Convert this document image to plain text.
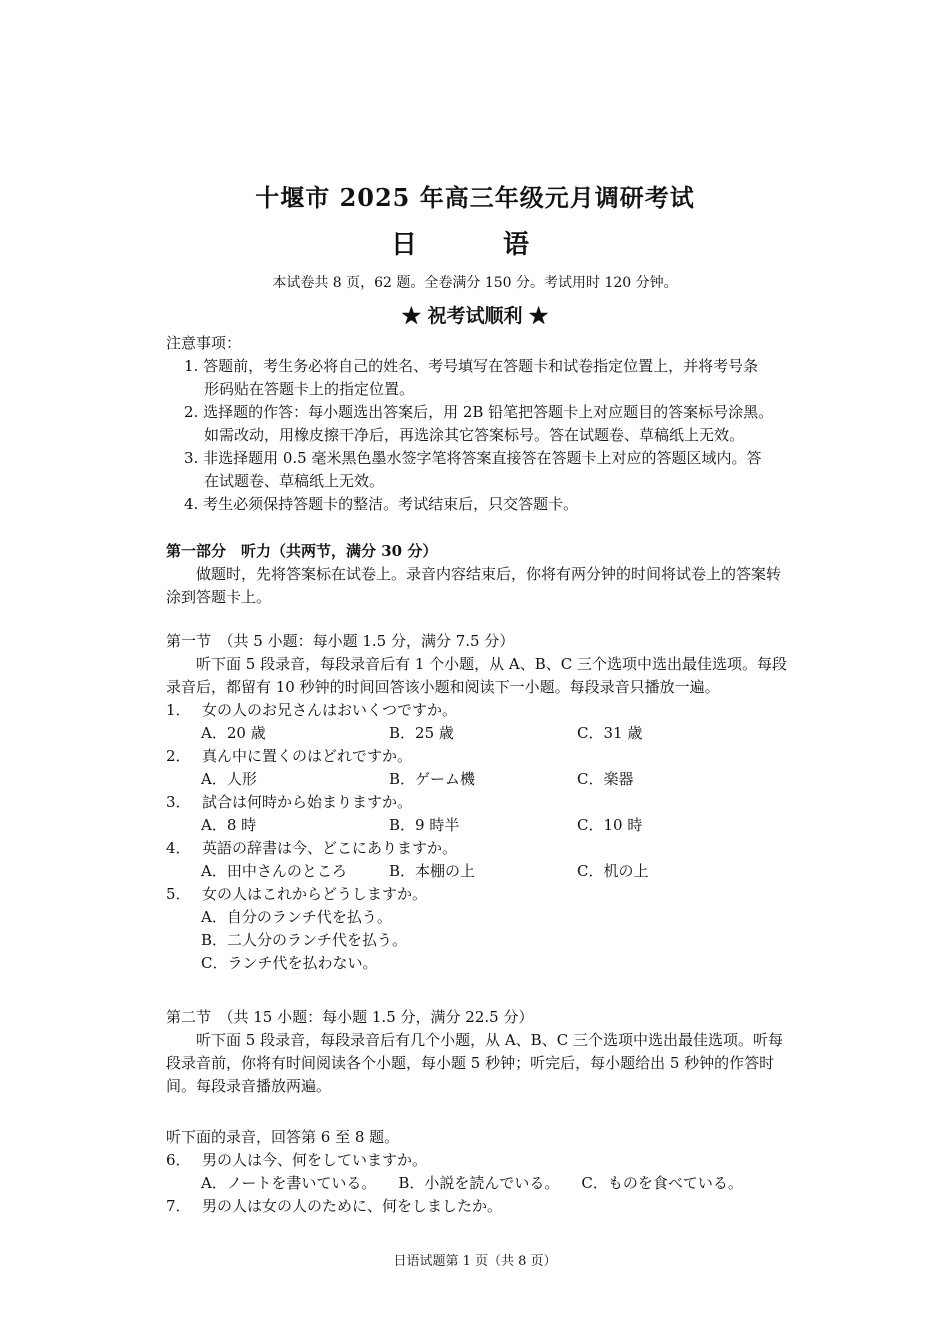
十堰市 2025 年高三年级元月调研考试
日　语
本试卷共 8 页，62 题。全卷满分 150 分。考试用时 120 分钟。
★ 祝考试顺利 ★
注意事项：
1. 答题前，考生务必将自己的姓名、考号填写在答题卡和试卷指定位置上，并将考号条
形码贴在答题卡上的指定位置。
2. 选择题的作答：每小题选出答案后，用 2B 铅笔把答题卡上对应题目的答案标号涂黑。
如需改动，用橡皮擦干净后，再选涂其它答案标号。答在试题卷、草稿纸上无效。
3. 非选择题用 0.5 毫米黑色墨水签字笔将答案直接答在答题卡上对应的答题区域内。答
在试题卷、草稿纸上无效。
4. 考生必须保持答题卡的整洁。考试结束后，只交答题卡。
第一部分　听力（共两节，满分 30 分）
做题时，先将答案标在试卷上。录音内容结束后，你将有两分钟的时间将试卷上的答案转涂到答题卡上。
第一节　（共 5 小题：每小题 1.5 分，满分 7.5 分）
听下面 5 段录音，每段录音后有 1 个小题，从 A、B、C 三个选项中选出最佳选项。每段录音后，都留有 10 秒钟的时间回答该小题和阅读下一小题。每段录音只播放一遍。
1． 女の人のお兄さんはおいくつですか。
A．20 歳	B．25 歳	C．31 歳
2． 真ん中に置くのはどれですか。
A．人形	B．ゲーム機	C．楽器
3． 試合は何時から始まりますか。
A．8 時	B．9 時半	C．10 時
4． 英語の辞書は今、どこにありますか。
A．田中さんのところ	B．本棚の上	C．机の上
5． 女の人はこれからどうしますか。
A．自分のランチ代を払う。
B．二人分のランチ代を払う。
C．ランチ代を払わない。
第二节　（共 15 小题：每小题 1.5 分，满分 22.5 分）
听下面 5 段录音，每段录音后有几个小题，从 A、B、C 三个选项中选出最佳选项。听每段录音前，你将有时间阅读各个小题，每小题 5 秒钟；听完后，每小题给出 5 秒钟的作答时间。每段录音播放两遍。
听下面的录音，回答第 6 至 8 题。
6． 男の人は今、何をしていますか。
A．ノートを書いている。 B．小説を読んでいる。 C．ものを食べている。
7． 男の人は女の人のために、何をしましたか。
日语试题第 1 页（共 8 页）
